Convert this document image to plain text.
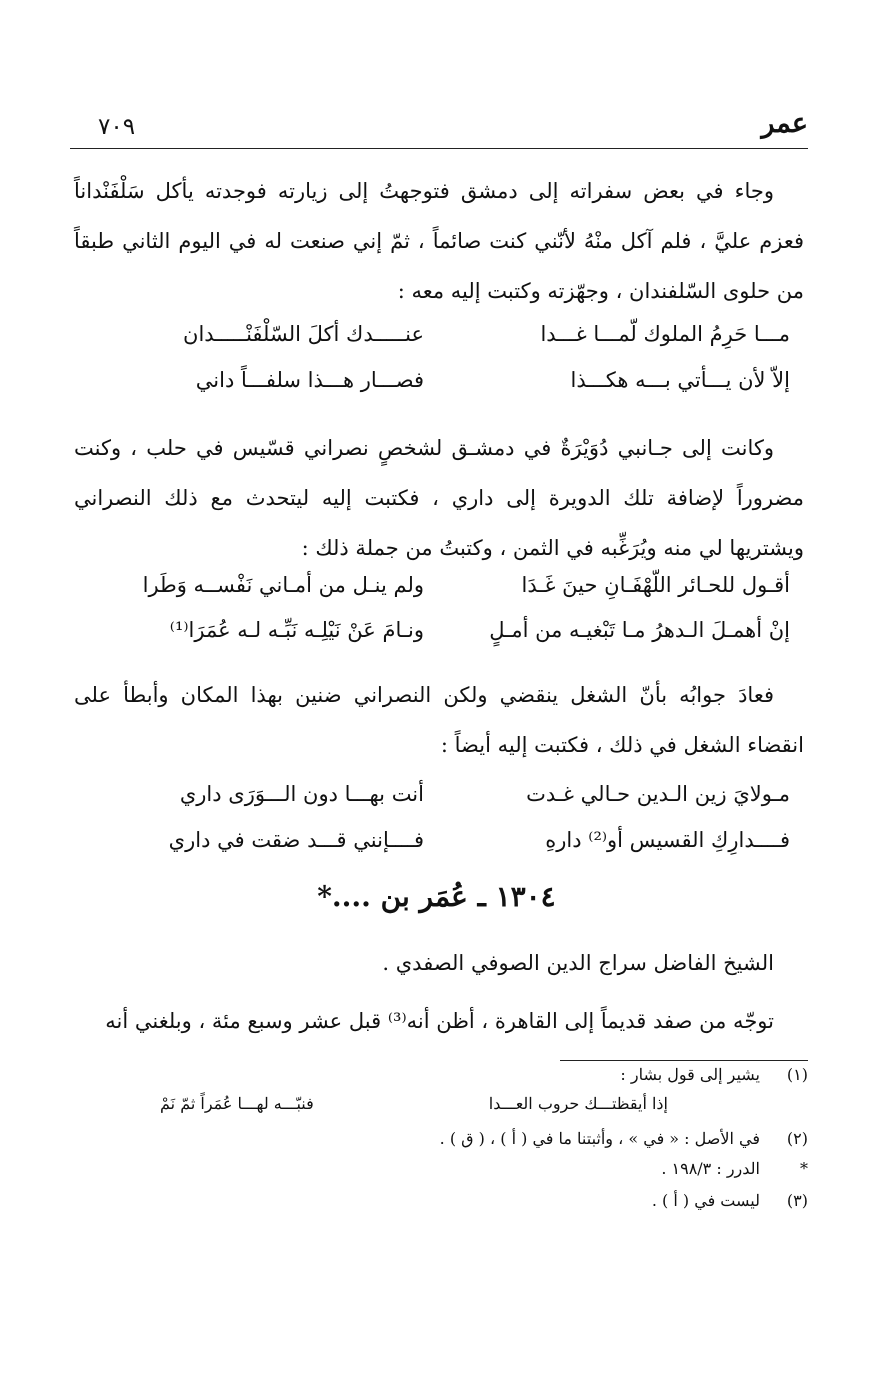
عمر
٧٠٩

وجاء في بعض سفراته إلى دمشق فتوجهتُ إلى زيارته فوجدته يأكل سَلْفَنْداناً فعزم عليَّ ، فلم آكل منْهُ لأنّني كنت صائماً ، ثمّ إني صنعت له في اليوم الثاني طبقاً من حلوى السّلفندان ، وجهّزته وكتبت إليه معه :

مـــا حَرِمُ الملوك لّمـــا غـــدا
عنـــــدك أكلَ السّلْفَنْـــــدان
إلاّ لأن يـــأتي بـــه هكـــذا
فصـــار هـــذا سلفـــاً داني

وكانت إلى جـانبي دُوَيْرَةٌ في دمشـق لشخصٍ نصراني قسّيس في حلب ، وكنت مضروراً لإضافة تلك الدويرة إلى داري ، فكتبت إليه ليتحدث مع ذلك النصراني ويشتريها لي منه ويُرَغِّبه في الثمن ، وكتبتُ من جملة ذلك :

أقـول للحـائر اللّهْفَـانِ حينَ غَـدَا
ولم ينـل من أمـاني نَفْســه وَطَرا
إنْ أهمـلَ الـدهرُ مـا تَبْغيـه من أمـلٍ
ونـامَ عَنْ نَيْلِـه نَبِّـه لـه عُمَرَا⁽¹⁾

فعادَ جوابُه بأنّ الشغل ينقضي ولكن النصراني ضنين بهذا المكان وأبطأ على انقضاء الشغل في ذلك ، فكتبت إليه أيضاً :

مـولايَ زين الـدين حـالي غـدت
أنت بهـــا دون الـــوَرَى داري
فــــدارِكِ القسيس أو⁽²⁾ دارهِ
فــــإنني قـــد ضقت في داري
١٣٠٤ ـ عُمَر بن ....*

الشيخ الفاضل سراج الدين الصوفي الصفدي .

توجّه من صفد قديماً إلى القاهرة ، أظن أنه⁽³⁾ قبل عشر وسبع مئة ، وبلغني أنه

(١)
يشير إلى قول بشار :
إذا أيقظتـــك حروب العـــدا
فنبّـــه لهـــا عُمَراً ثمّ نَمْ
(٢)
في الأصل : « في » ، وأثبتنا ما في ( أ ) ، ( ق ) .
*
الدرر : ١٩٨/٣ .
(٣)
ليست في ( أ ) .
